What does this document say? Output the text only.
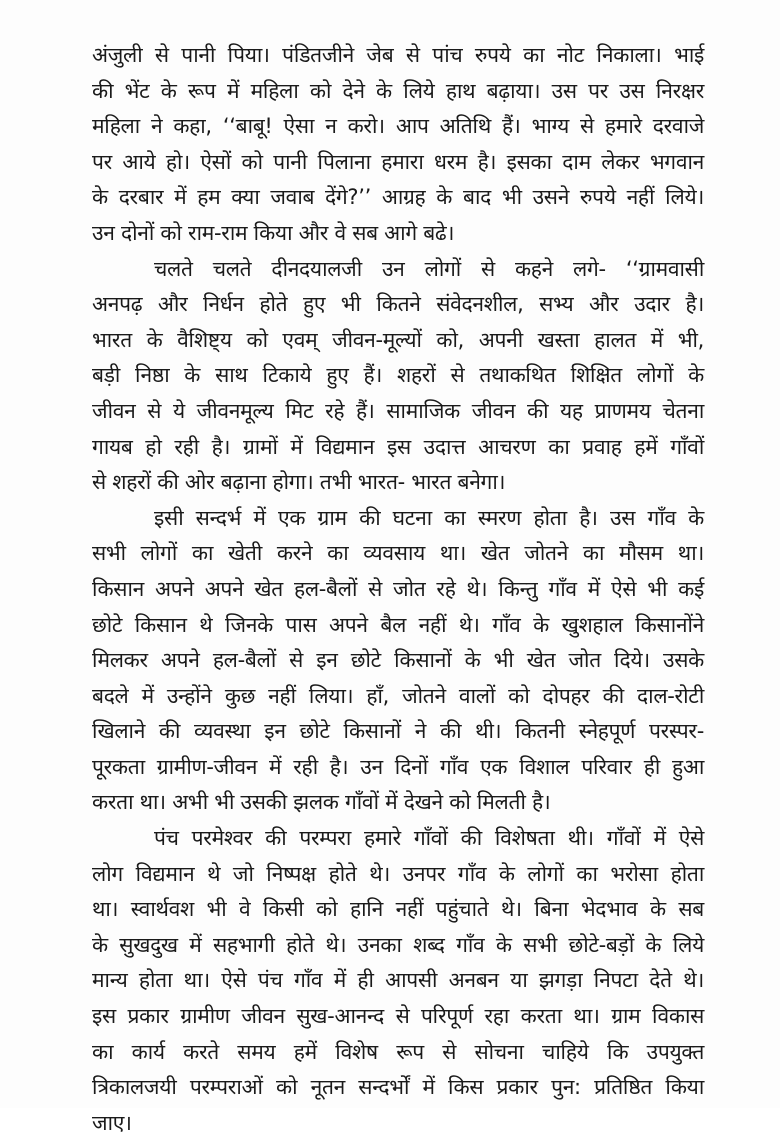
अंजुली से पानी पिया। पंडितजीने जेब से पांच रुपये का नोट निकाला। भाई
की भेंट के रूप में महिला को देने के लिये हाथ बढ़ाया। उस पर उस निरक्षर
महिला ने कहा, ‘‘बाबू! ऐसा न करो। आप अतिथि हैं। भाग्य से हमारे दरवाजे
पर आये हो। ऐसों को पानी पिलाना हमारा धरम है। इसका दाम लेकर भगवान
के दरबार में हम क्या जवाब देंगे?’’ आग्रह के बाद भी उसने रुपये नहीं लिये।
उन दोनों को राम-राम किया और वे सब आगे बढे।
चलते चलते दीनदयालजी उन लोगों से कहने लगे- ‘‘ग्रामवासी
अनपढ़ और निर्धन होते हुए भी कितने संवेदनशील, सभ्य और उदार है।
भारत के वैशिष्ट्य को एवम् जीवन-मूल्यों को, अपनी खस्ता हालत में भी,
बड़ी निष्ठा के साथ टिकाये हुए हैं। शहरों से तथाकथित शिक्षित लोगों के
जीवन से ये जीवनमूल्य मिट रहे हैं। सामाजिक जीवन की यह प्राणमय चेतना
गायब हो रही है। ग्रामों में विद्यमान इस उदात्त आचरण का प्रवाह हमें गाँवों
से शहरों की ओर बढ़ाना होगा। तभी भारत- भारत बनेगा।
इसी सन्दर्भ में एक ग्राम की घटना का स्मरण होता है। उस गाँव के
सभी लोगों का खेती करने का व्यवसाय था। खेत जोतने का मौसम था।
किसान अपने अपने खेत हल-बैलों से जोत रहे थे। किन्तु गाँव में ऐसे भी कई
छोटे किसान थे जिनके पास अपने बैल नहीं थे। गाँव के खुशहाल किसानोंने
मिलकर अपने हल-बैलों से इन छोटे किसानों के भी खेत जोत दिये। उसके
बदले में उन्होंने कुछ नहीं लिया। हाँ, जोतने वालों को दोपहर की दाल-रोटी
खिलाने की व्यवस्था इन छोटे किसानों ने की थी। कितनी स्नेहपूर्ण परस्पर-
पूरकता ग्रामीण-जीवन में रही है। उन दिनों गाँव एक विशाल परिवार ही हुआ
करता था। अभी भी उसकी झलक गाँवों में देखने को मिलती है।
पंच परमेश्वर की परम्परा हमारे गाँवों की विशेषता थी। गाँवों में ऐसे
लोग विद्यमान थे जो निष्पक्ष होते थे। उनपर गाँव के लोगों का भरोसा होता
था। स्वार्थवश भी वे किसी को हानि नहीं पहुंचाते थे। बिना भेदभाव के सब
के सुखदुख में सहभागी होते थे। उनका शब्द गाँव के सभी छोटे-बड़ों के लिये
मान्य होता था। ऐसे पंच गाँव में ही आपसी अनबन या झगड़ा निपटा देते थे।
इस प्रकार ग्रामीण जीवन सुख-आनन्द से परिपूर्ण रहा करता था। ग्राम विकास
का कार्य करते समय हमें विशेष रूप से सोचना चाहिये कि उपयुक्त
त्रिकालजयी परम्पराओं को नूतन सन्दर्भों में किस प्रकार पुन: प्रतिष्ठित किया
जाए।
